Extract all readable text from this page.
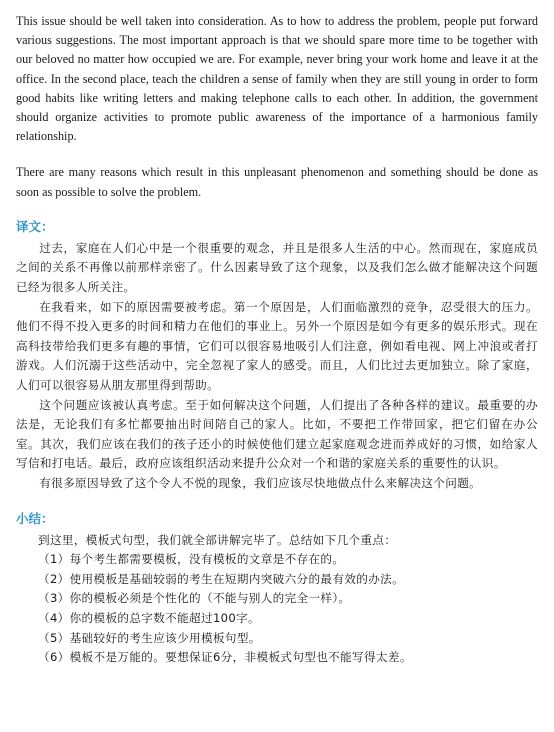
This issue should be well taken into consideration. As to how to address the problem, people put forward various suggestions. The most important approach is that we should spare more time to be together with our beloved no matter how occupied we are. For example, never bring your work home and leave it at the office. In the second place, teach the children a sense of family when they are still young in order to form good habits like writing letters and making telephone calls to each other. In addition, the government should organize activities to promote public awareness of the importance of a harmonious family relationship.

There are many reasons which result in this unpleasant phenomenon and something should be done as soon as possible to solve the problem.

译文：

过去，家庭在人们心中是一个很重要的观念，并且是很多人生活的中心。然而现在，家庭成员之间的关系不再像以前那样亲密了。什么因素导致了这个现象，以及我们怎么做才能解决这个问题已经为很多人所关注。

在我看来，如下的原因需要被考虑。第一个原因是，人们面临激烈的竞争，忍受很大的压力。他们不得不投入更多的时间和精力在他们的事业上。另外一个原因是如今有更多的娱乐形式。现在高科技带给我们更多有趣的事情，它们可以很容易地吸引人们注意，例如看电视、网上冲浪或者打游戏。人们沉溺于这些活动中，完全忽视了家人的感受。而且，人们比过去更加独立。除了家庭，人们可以很容易从朋友那里得到帮助。

这个问题应该被认真考虑。至于如何解决这个问题，人们提出了各种各样的建议。最重要的办法是，无论我们有多忙都要抽出时间陪自己的家人。比如，不要把工作带回家，把它们留在办公室。其次，我们应该在我们的孩子还小的时候使他们建立起家庭观念进而养成好的习惯，如给家人写信和打电话。最后，政府应该组织活动来提升公众对一个和谐的家庭关系的重要性的认识。

有很多原因导致了这个令人不悦的现象，我们应该尽快地做点什么来解决这个问题。

小结：

到这里，模板式句型，我们就全部讲解完毕了。总结如下几个重点：

（1）每个考生都需要模板，没有模板的文章是不存在的。
（2）使用模板是基础较弱的考生在短期内突破六分的最有效的办法。
（3）你的模板必须是个性化的（不能与别人的完全一样）。
（4）你的模板的总字数不能超过100字。
（5）基础较好的考生应该少用模板句型。
（6）模板不是万能的。要想保证6分，非模板式句型也不能写得太差。
